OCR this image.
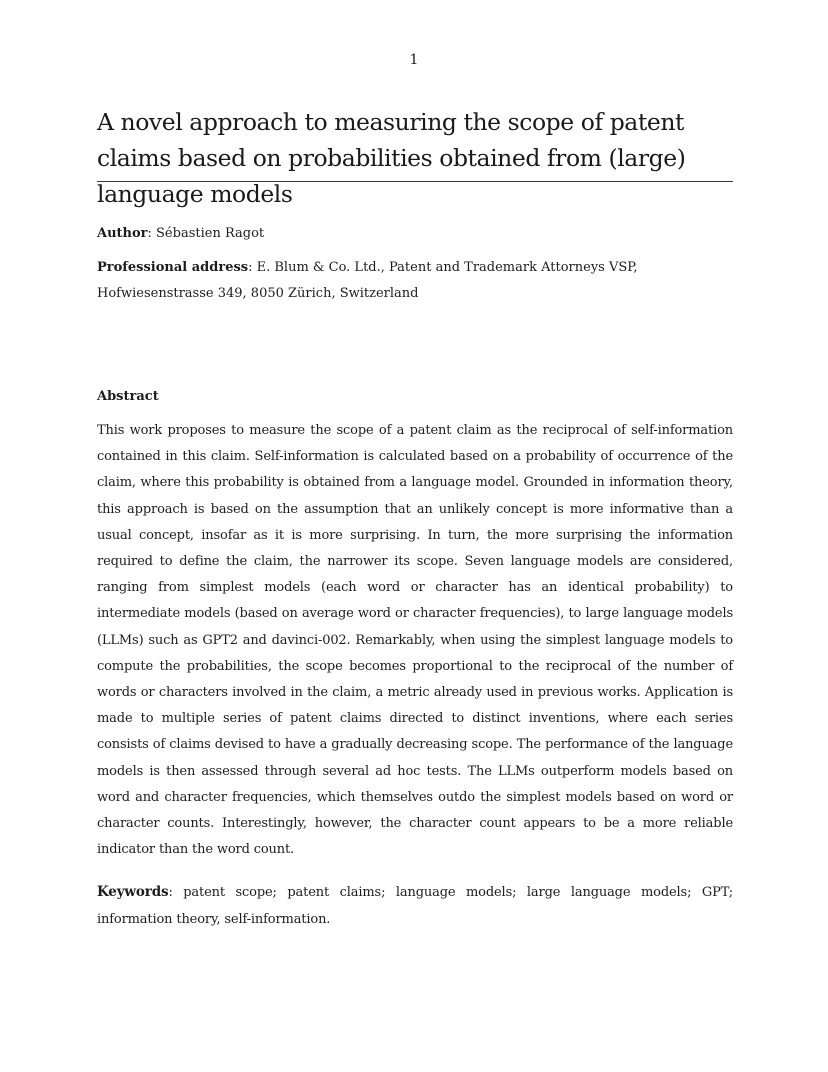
1
A novel approach to measuring the scope of patent claims based on probabilities obtained from (large) language models

Author: Sébastien Ragot

Professional address: E. Blum & Co. Ltd., Patent and Trademark Attorneys VSP, Hofwiesenstrasse 349, 8050 Zürich, Switzerland

Abstract

This work proposes to measure the scope of a patent claim as the reciprocal of self-information contained in this claim. Self-information is calculated based on a probability of occurrence of the claim, where this probability is obtained from a language model. Grounded in information theory, this approach is based on the assumption that an unlikely concept is more informative than a usual concept, insofar as it is more surprising. In turn, the more surprising the information required to define the claim, the narrower its scope. Seven language models are considered, ranging from simplest models (each word or character has an identical probability) to intermediate models (based on average word or character frequencies), to large language models (LLMs) such as GPT2 and davinci-002. Remarkably, when using the simplest language models to compute the probabilities, the scope becomes proportional to the reciprocal of the number of words or characters involved in the claim, a metric already used in previous works. Application is made to multiple series of patent claims directed to distinct inventions, where each series consists of claims devised to have a gradually decreasing scope. The performance of the language models is then assessed through several ad hoc tests. The LLMs outperform models based on word and character frequencies, which themselves outdo the simplest models based on word or character counts. Interestingly, however, the character count appears to be a more reliable indicator than the word count.

Keywords: patent scope; patent claims; language models; large language models; GPT; information theory, self-information.
